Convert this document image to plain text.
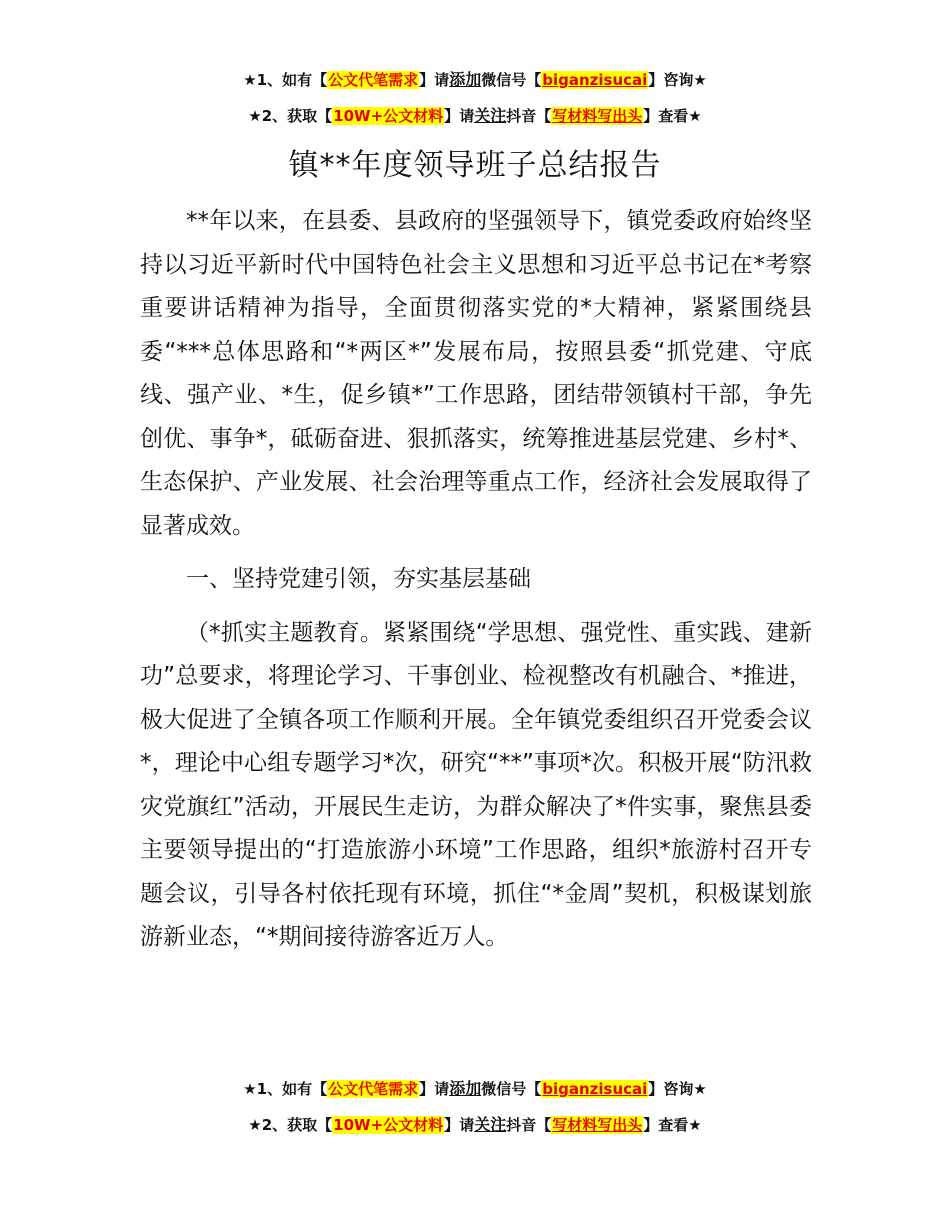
★1、如有【公文代笔需求】请添加微信号【biganzisucai】咨询★
★2、获取【10W+公文材料】请关注抖音【写材料写出头】查看★
镇**年度领导班子总结报告

**年以来，在县委、县政府的坚强领导下，镇党委政府始终坚持以习近平新时代中国特色社会主义思想和习近平总书记在*考察重要讲话精神为指导，全面贯彻落实党的*大精神，紧紧围绕县委“***总体思路和“*两区*”发展布局，按照县委“抓党建、守底线、强产业、*生，促乡镇*”工作思路，团结带领镇村干部，争先创优、事争*，砥砺奋进、狠抓落实，统筹推进基层党建、乡村*、生态保护、产业发展、社会治理等重点工作，经济社会发展取得了显著成效。

一、坚持党建引领，夯实基层基础

（*抓实主题教育。紧紧围绕“学思想、强党性、重实践、建新功”总要求，将理论学习、干事创业、检视整改有机融合、*推进，极大促进了全镇各项工作顺利开展。全年镇党委组织召开党委会议*，理论中心组专题学习*次，研究“**”事项*次。积极开展“防汛救灾党旗红”活动，开展民生走访，为群众解决了*件实事，聚焦县委主要领导提出的“打造旅游小环境”工作思路，组织*旅游村召开专题会议，引导各村依托现有环境，抓住“*金周”契机，积极谋划旅游新业态，“*期间接待游客近万人。

★1、如有【公文代笔需求】请添加微信号【biganzisucai】咨询★
★2、获取【10W+公文材料】请关注抖音【写材料写出头】查看★
